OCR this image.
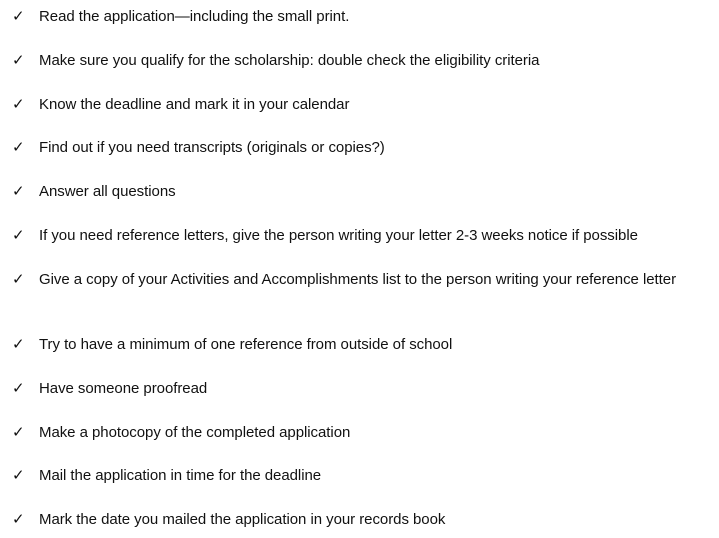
✓ Read the application—including the small print.
✓ Make sure you qualify for the scholarship: double check the eligibility criteria
✓ Know the deadline and mark it in your calendar
✓ Find out if you need transcripts (originals or copies?)
✓ Answer all questions
✓ If you need reference letters, give the person writing your letter 2-3 weeks notice if possible
✓ Give a copy of your Activities and Accomplishments list to the person writing your reference letter
✓ Try to have a minimum of one reference from outside of school
✓ Have someone proofread
✓ Make a photocopy of the completed application
✓ Mail the application in time for the deadline
✓ Mark the date you mailed the application in your records book
